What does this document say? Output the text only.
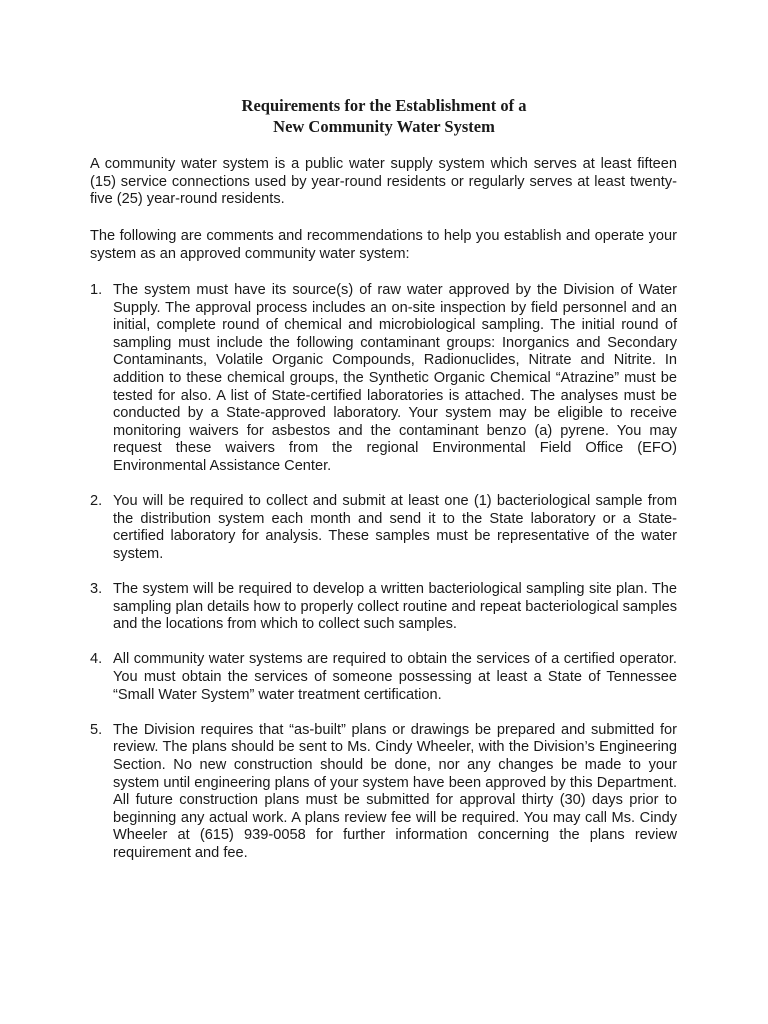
Requirements for the Establishment of a
New Community Water System

A community water system is a public water supply system which serves at least fifteen (15) service connections used by year-round residents or regularly serves at least twenty-five (25) year-round residents.

The following are comments and recommendations to help you establish and operate your system as an approved community water system:

1. The system must have its source(s) of raw water approved by the Division of Water Supply. The approval process includes an on-site inspection by field personnel and an initial, complete round of chemical and microbiological sampling. The initial round of sampling must include the following contaminant groups: Inorganics and Secondary Contaminants, Volatile Organic Compounds, Radionuclides, Nitrate and Nitrite. In addition to these chemical groups, the Synthetic Organic Chemical “Atrazine” must be tested for also. A list of State-certified laboratories is attached. The analyses must be conducted by a State-approved laboratory. Your system may be eligible to receive monitoring waivers for asbestos and the contaminant benzo (a) pyrene. You may request these waivers from the regional Environmental Field Office (EFO) Environmental Assistance Center.

2. You will be required to collect and submit at least one (1) bacteriological sample from the distribution system each month and send it to the State laboratory or a State-certified laboratory for analysis. These samples must be representative of the water system.

3. The system will be required to develop a written bacteriological sampling site plan. The sampling plan details how to properly collect routine and repeat bacteriological samples and the locations from which to collect such samples.

4. All community water systems are required to obtain the services of a certified operator. You must obtain the services of someone possessing at least a State of Tennessee “Small Water System” water treatment certification.

5. The Division requires that “as-built” plans or drawings be prepared and submitted for review. The plans should be sent to Ms. Cindy Wheeler, with the Division’s Engineering Section. No new construction should be done, nor any changes be made to your system until engineering plans of your system have been approved by this Department. All future construction plans must be submitted for approval thirty (30) days prior to beginning any actual work. A plans review fee will be required. You may call Ms. Cindy Wheeler at (615) 939-0058 for further information concerning the plans review requirement and fee.
